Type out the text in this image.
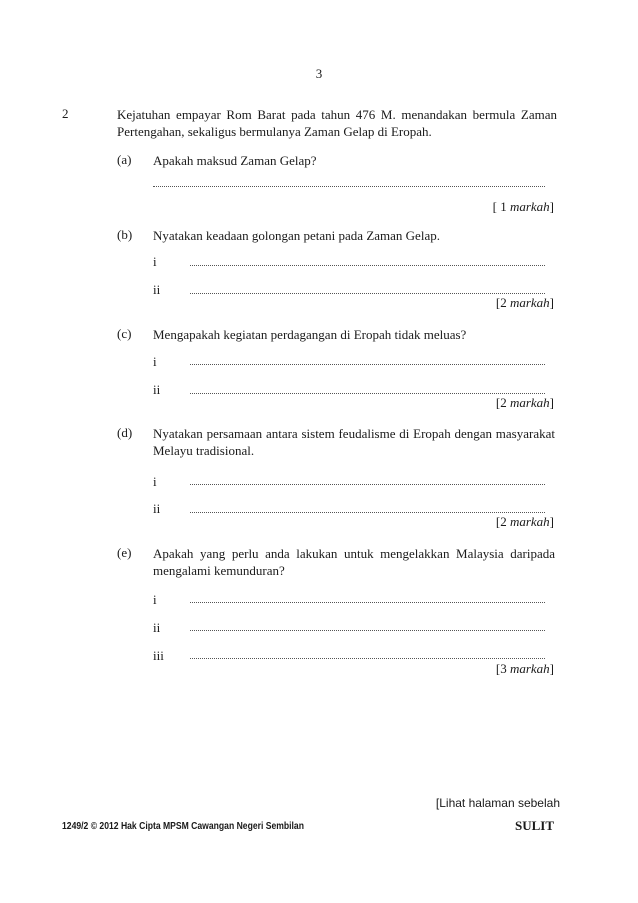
3
2	Kejatuhan empayar Rom Barat pada tahun 476 M. menandakan bermula Zaman Pertengahan, sekaligus bermulanya Zaman Gelap di Eropah.
(a) Apakah maksud Zaman Gelap?
[ 1 markah]
(b) Nyatakan keadaan golongan petani pada Zaman Gelap.
i
ii
[2 markah]
(c) Mengapakah kegiatan perdagangan di Eropah tidak meluas?
i
ii
[2 markah]
(d) Nyatakan persamaan antara sistem feudalisme di Eropah dengan masyarakat Melayu tradisional.
i
ii
[2 markah]
(e) Apakah yang perlu anda lakukan untuk mengelakkan Malaysia daripada mengalami kemunduran?
i
ii
iii
[3 markah]
[Lihat halaman sebelah
1249/2 © 2012 Hak Cipta MPSM Cawangan Negeri Sembilan	SULIT
